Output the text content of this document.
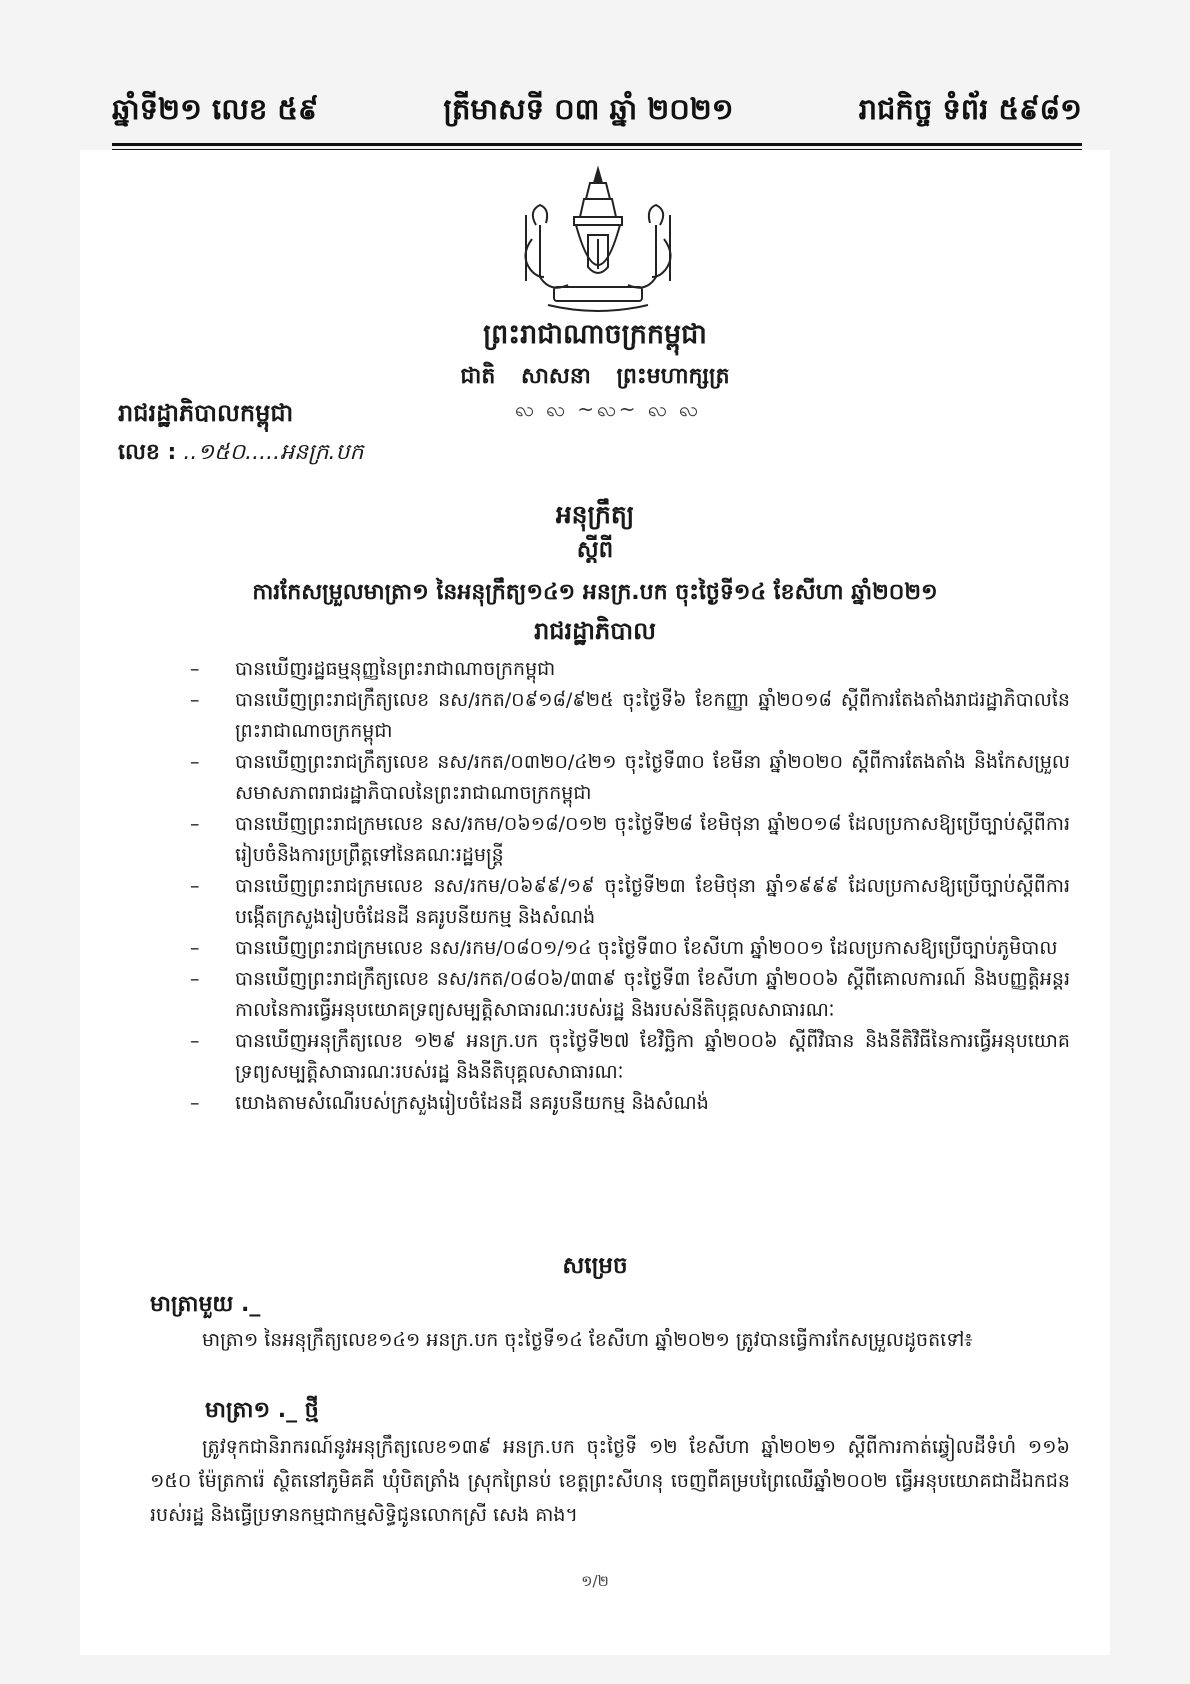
ឆ្នាំទី២១ លេខ ៥៩	ត្រីមាសទី ០៣ ឆ្នាំ ២០២១	រាជកិច្ច ទំព័រ ៥៩៨១
ព្រះរាជាណាចក្រកម្ពុជា
ជាតិ សាសនា ព្រះមហាក្សត្រ
ꩮ ꩮ ~ꩮ~ ꩮ ꩮ
រាជរដ្ឋាភិបាលកម្ពុជា
លេខ : ..១៥០.....អនក្រ.បក
អនុក្រឹត្យ
ស្តីពី
ការកែសម្រួលមាត្រា១ នៃអនុក្រឹត្យ១៤១ អនក្រ.បក ចុះថ្ងៃទី១៤ ខែសីហា ឆ្នាំ២០២១
រាជរដ្ឋាភិបាល
– បានឃើញរដ្ឋធម្មនុញ្ញនៃព្រះរាជាណាចក្រកម្ពុជា
– បានឃើញព្រះរាជក្រឹត្យលេខ នស/រកត/០៩១៨/៩២៥ ចុះថ្ងៃទី៦ ខែកញ្ញា ឆ្នាំ២០១៨ ស្តីពីការតែងតាំងរាជរដ្ឋាភិបាលនៃព្រះរាជាណាចក្រកម្ពុជា
– បានឃើញព្រះរាជក្រឹត្យលេខ នស/រកត/០៣២០/៤២១ ចុះថ្ងៃទី៣០ ខែមីនា ឆ្នាំ២០២០ ស្តីពីការតែងតាំង និងកែសម្រួលសមាសភាពរាជរដ្ឋាភិបាលនៃព្រះរាជាណាចក្រកម្ពុជា
– បានឃើញព្រះរាជក្រមលេខ នស/រកម/០៦១៨/០១២ ចុះថ្ងៃទី២៨ ខែមិថុនា ឆ្នាំ២០១៨ ដែលប្រកាសឱ្យប្រើច្បាប់ស្តីពីការរៀបចំនិងការប្រព្រឹត្តទៅនៃគណៈរដ្ឋមន្ត្រី
– បានឃើញព្រះរាជក្រមលេខ នស/រកម/០៦៩៩/១៩ ចុះថ្ងៃទី២៣ ខែមិថុនា ឆ្នាំ១៩៩៩ ដែលប្រកាសឱ្យប្រើច្បាប់ស្តីពីការបង្កើតក្រសួងរៀបចំដែនដី នគរូបនីយកម្ម និងសំណង់
– បានឃើញព្រះរាជក្រមលេខ នស/រកម/០៨០១/១៤ ចុះថ្ងៃទី៣០ ខែសីហា ឆ្នាំ២០០១ ដែលប្រកាសឱ្យប្រើច្បាប់ភូមិបាល
– បានឃើញព្រះរាជក្រឹត្យលេខ នស/រកត/០៨០៦/៣៣៩ ចុះថ្ងៃទី៣ ខែសីហា ឆ្នាំ២០០៦ ស្តីពីគោលការណ៍ និងបញ្ញត្តិអន្តរកាលនៃការធ្វើអនុបយោគទ្រព្យសម្បត្តិសាធារណៈរបស់រដ្ឋ និងរបស់នីតិបុគ្គលសាធារណៈ
– បានឃើញអនុក្រឹត្យលេខ ១២៩ អនក្រ.បក ចុះថ្ងៃទី២៧ ខែវិច្ឆិកា ឆ្នាំ២០០៦ ស្តីពីវិធាន និងនីតិវិធីនៃការធ្វើអនុបយោគទ្រព្យសម្បត្តិសាធារណៈរបស់រដ្ឋ និងនីតិបុគ្គលសាធារណៈ
– យោងតាមសំណើរបស់ក្រសួងរៀបចំដែនដី នគរូបនីយកម្ម និងសំណង់
សម្រេច
មាត្រាមួយ ._

មាត្រា១ នៃអនុក្រឹត្យលេខ១៤១ អនក្រ.បក ចុះថ្ងៃទី១៤ ខែសីហា ឆ្នាំ២០២១ ត្រូវបានធ្វើការកែសម្រួលដូចតទៅ៖

មាត្រា១ ._ ថ្មី

ត្រូវទុកជានិរាករណ៍នូវអនុក្រឹត្យលេខ១៣៩ អនក្រ.បក ចុះថ្ងៃទី ១២ ខែសីហា ឆ្នាំ២០២១ ស្តីពីការកាត់ឆ្វៀលដីទំហំ ១១៦ ១៥០ ម៉ែត្រការ៉េ ស្ថិតនៅភូមិគគី ឃុំបិតត្រាំង ស្រុកព្រៃនប់ ខេត្តព្រះសីហនុ ចេញពីគម្របព្រៃឈើឆ្នាំ២០០២ ធ្វើអនុបយោគជាដីឯកជនរបស់រដ្ឋ និងធ្វើប្រទានកម្មជាកម្មសិទ្ធិជូនលោកស្រី សេង គាង។

១/២
